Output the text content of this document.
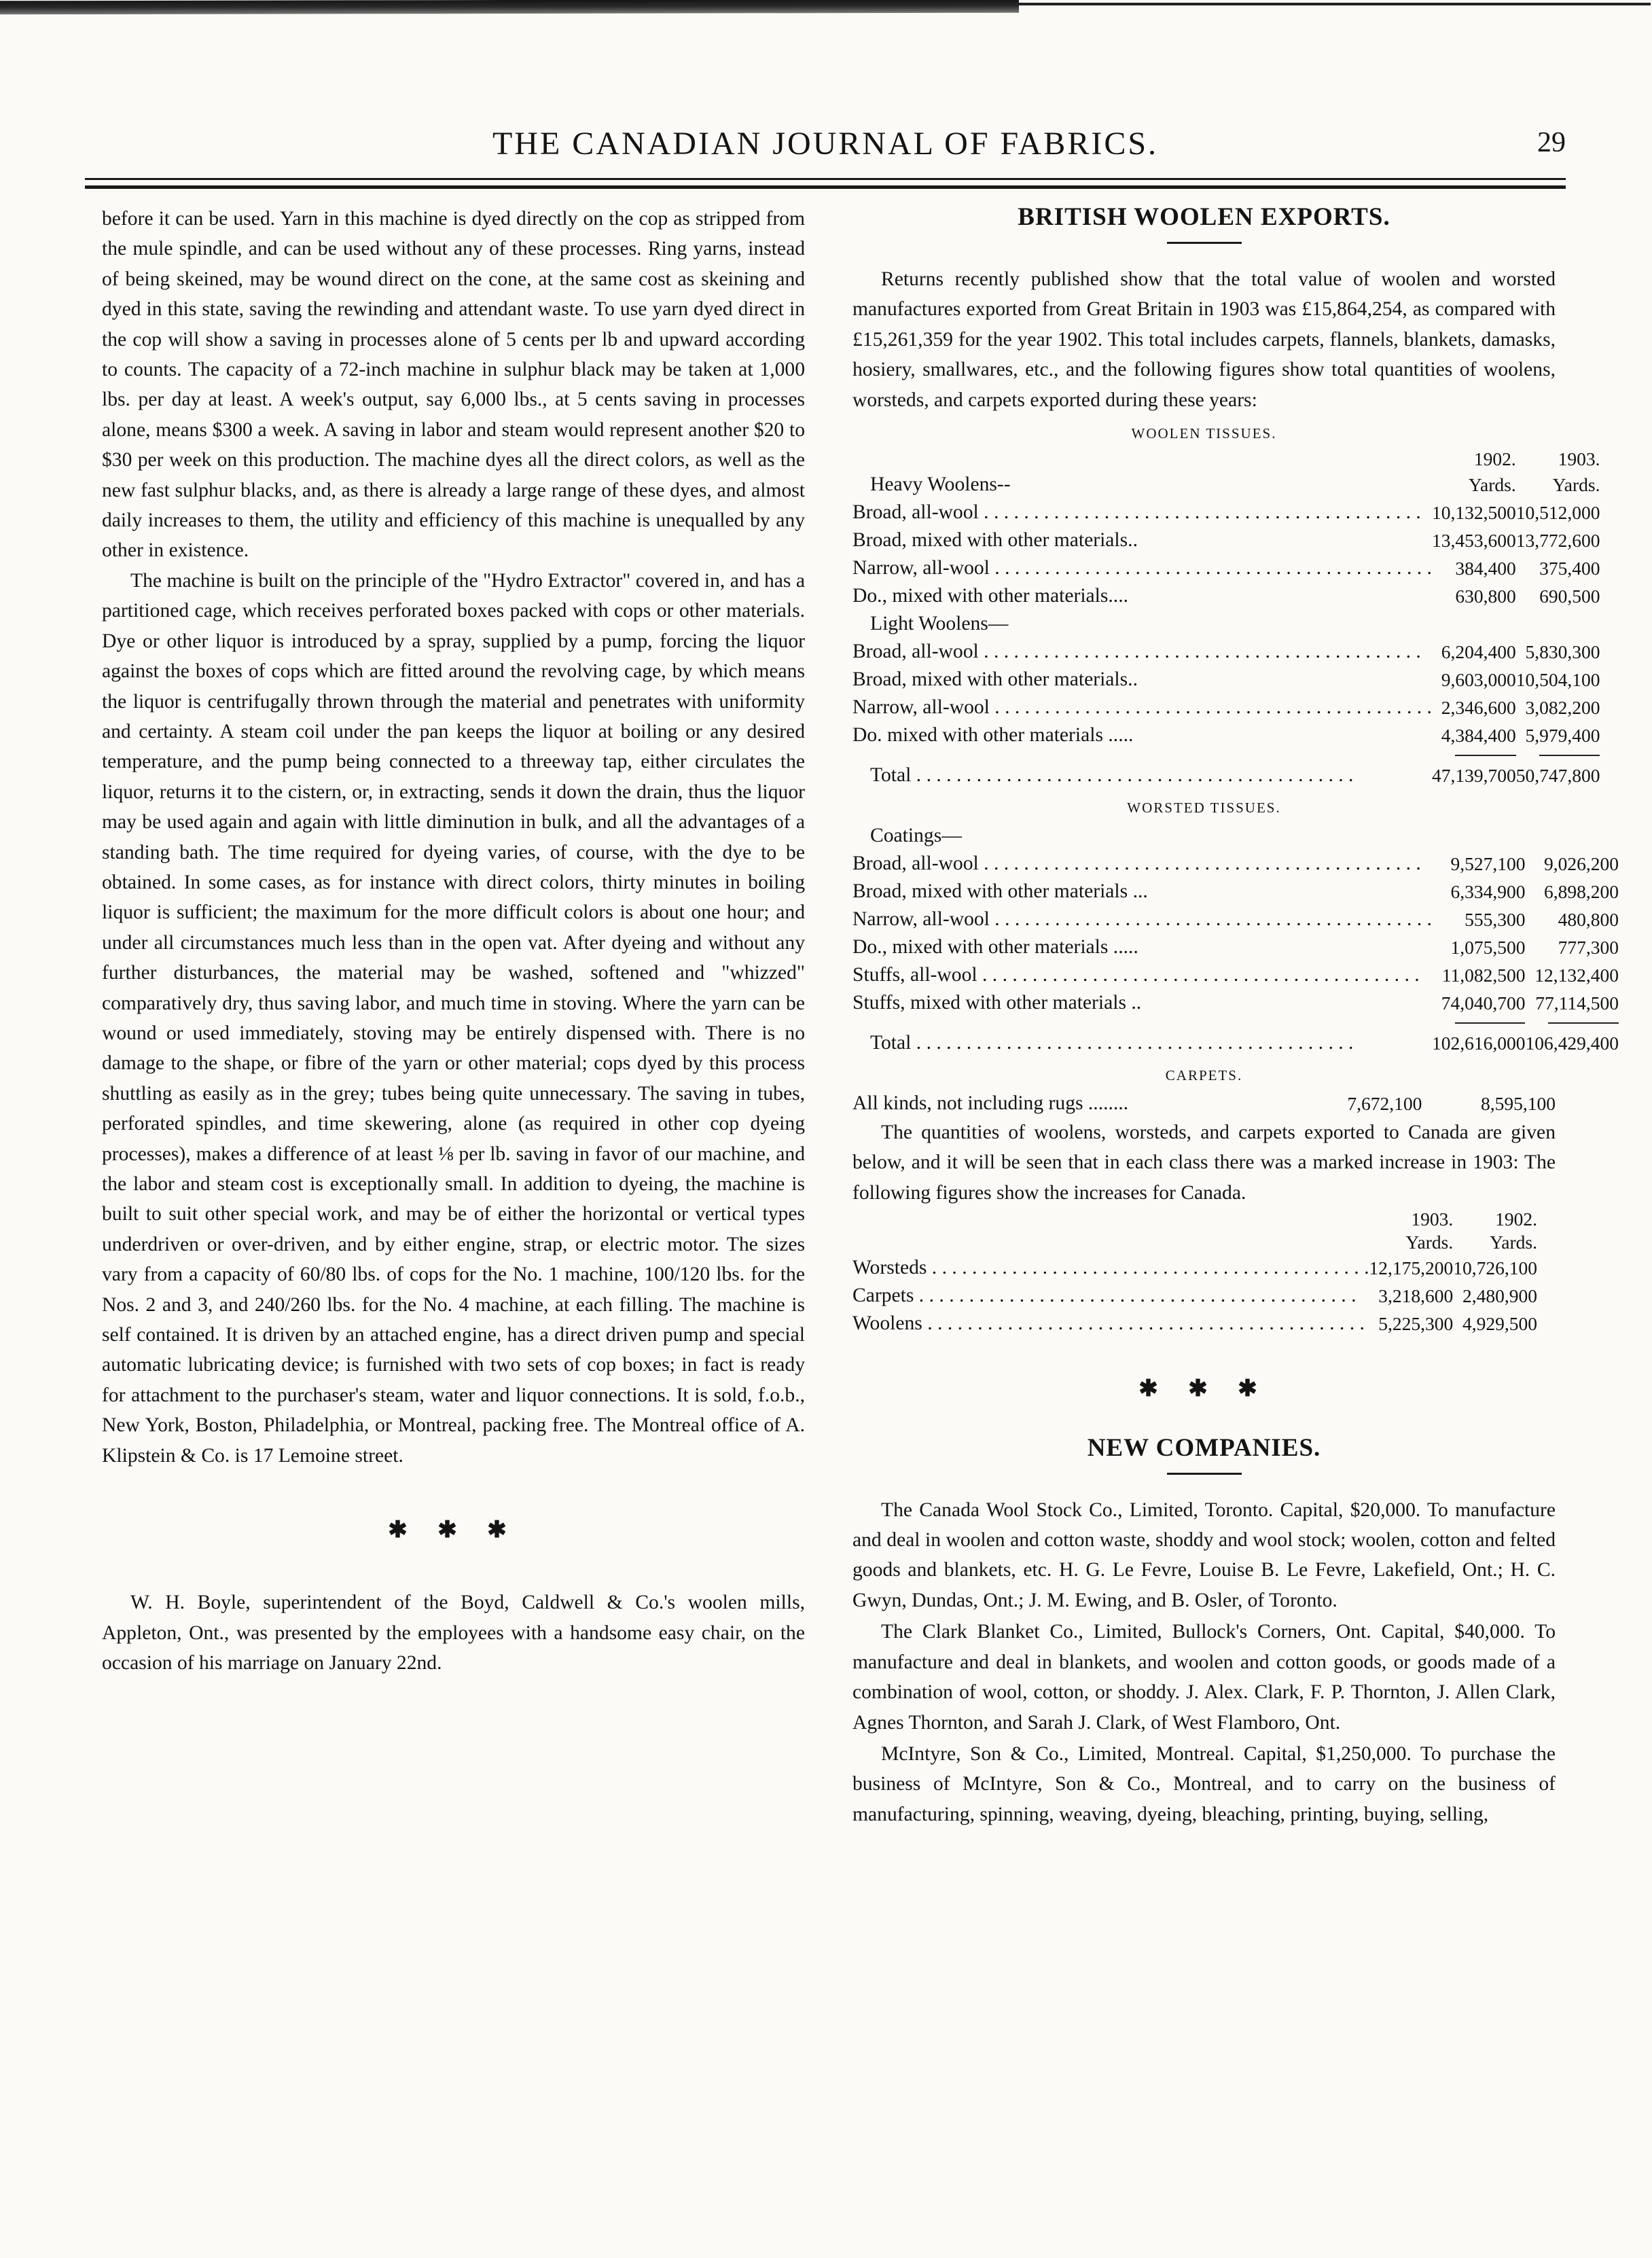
THE CANADIAN JOURNAL OF FABRICS.	29

before it can be used. Yarn in this machine is dyed directly on the cop as stripped from the mule spindle, and can be used without any of these processes. Ring yarns, instead of being skeined, may be wound direct on the cone, at the same cost as skeining and dyed in this state, saving the rewinding and attendant waste. To use yarn dyed direct in the cop will show a saving in processes alone of 5 cents per lb and upward according to counts. The capacity of a 72-inch machine in sulphur black may be taken at 1,000 lbs. per day at least. A week's output, say 6,000 lbs., at 5 cents saving in processes alone, means $300 a week. A saving in labor and steam would represent another $20 to $30 per week on this production. The machine dyes all the direct colors, as well as the new fast sulphur blacks, and, as there is already a large range of these dyes, and almost daily increases to them, the utility and efficiency of this machine is unequalled by any other in existence.

The machine is built on the principle of the "Hydro Extractor" covered in, and has a partitioned cage, which receives perforated boxes packed with cops or other materials. Dye or other liquor is introduced by a spray, supplied by a pump, forcing the liquor against the boxes of cops which are fitted around the revolving cage, by which means the liquor is centrifugally thrown through the material and penetrates with uniformity and certainty. A steam coil under the pan keeps the liquor at boiling or any desired temperature, and the pump being connected to a threeway tap, either circulates the liquor, returns it to the cistern, or, in extracting, sends it down the drain, thus the liquor may be used again and again with little diminution in bulk, and all the advantages of a standing bath. The time required for dyeing varies, of course, with the dye to be obtained. In some cases, as for instance with direct colors, thirty minutes in boiling liquor is sufficient; the maximum for the more difficult colors is about one hour; and under all circumstances much less than in the open vat. After dyeing and without any further disturbances, the material may be washed, softened and "whizzed" comparatively dry, thus saving labor, and much time in stoving. Where the yarn can be wound or used immediately, stoving may be entirely dispensed with. There is no damage to the shape, or fibre of the yarn or other material; cops dyed by this process shuttling as easily as in the grey; tubes being quite unnecessary. The saving in tubes, perforated spindles, and time skewering, alone (as required in other cop dyeing processes), makes a difference of at least ⅛ per lb. saving in favor of our machine, and the labor and steam cost is exceptionally small. In addition to dyeing, the machine is built to suit other special work, and may be of either the horizontal or vertical types underdriven or over-driven, and by either engine, strap, or electric motor. The sizes vary from a capacity of 60/80 lbs. of cops for the No. 1 machine, 100/120 lbs. for the Nos. 2 and 3, and 240/260 lbs. for the No. 4 machine, at each filling. The machine is self contained. It is driven by an attached engine, has a direct driven pump and special automatic lubricating device; is furnished with two sets of cop boxes; in fact is ready for attachment to the purchaser's steam, water and liquor connections. It is sold, f.o.b., New York, Boston, Philadelphia, or Montreal, packing free. The Montreal office of A. Klipstein & Co. is 17 Lemoine street.

✱ ✱ ✱

W. H. Boyle, superintendent of the Boyd, Caldwell & Co.'s woolen mills, Appleton, Ont., was presented by the employees with a handsome easy chair, on the occasion of his marriage on January 22nd.

BRITISH WOOLEN EXPORTS.

Returns recently published show that the total value of woolen and worsted manufactures exported from Great Britain in 1903 was £15,864,254, as compared with £15,261,359 for the year 1902. This total includes carpets, flannels, blankets, damasks, hosiery, smallwares, etc., and the following figures show total quantities of woolens, worsteds, and carpets exported during these years:

WOOLEN TISSUES.
	1902.	1903.
Heavy Woolens--	Yards.	Yards.

Broad, all-wool . . .	10,132,500	10,512,000

Broad, mixed with other materials..	13,453,600	13,772,600

Narrow, all-wool . . .	384,400	375,400

Do., mixed with other materials....	630,800	690,500
Light Woolens—		

Broad, all-wool . . .	6,204,400	5,830,300

Broad, mixed with other materials..	9,603,000	10,504,100

Narrow, all-wool . . .	2,346,600	3,082,200

Do. mixed with other materials .....	4,384,400	5,979,400

Total . . .	47,139,700	50,747,800
WORSTED TISSUES.
Coatings—		

Broad, all-wool . . .	9,527,100	9,026,200

Broad, mixed with other materials ...	6,334,900	6,898,200

Narrow, all-wool . . .	555,300	480,800

Do., mixed with other materials .....	1,075,500	777,300

Stuffs, all-wool . . .	11,082,500	12,132,400

Stuffs, mixed with other materials ..	74,040,700	77,114,500

Total . . .	102,616,000	106,429,400
CARPETS.
All kinds, not including rugs ........	7,672,100	8,595,100

The quantities of woolens, worsteds, and carpets exported to Canada are given below, and it will be seen that in each class there was a marked increase in 1903: The following figures show the increases for Canada.

	1903.	1902.
	Yards.	Yards.

Worsteds . . .	12,175,200	10,726,100

Carpets . . .	3,218,600	2,480,900

Woolens . . .	5,225,300	4,929,500
✱ ✱ ✱
NEW COMPANIES.

The Canada Wool Stock Co., Limited, Toronto. Capital, $20,000. To manufacture and deal in woolen and cotton waste, shoddy and wool stock; woolen, cotton and felted goods and blankets, etc. H. G. Le Fevre, Louise B. Le Fevre, Lakefield, Ont.; H. C. Gwyn, Dundas, Ont.; J. M. Ewing, and B. Osler, of Toronto.

The Clark Blanket Co., Limited, Bullock's Corners, Ont. Capital, $40,000. To manufacture and deal in blankets, and woolen and cotton goods, or goods made of a combination of wool, cotton, or shoddy. J. Alex. Clark, F. P. Thornton, J. Allen Clark, Agnes Thornton, and Sarah J. Clark, of West Flamboro, Ont.

McIntyre, Son & Co., Limited, Montreal. Capital, $1,250,000. To purchase the business of McIntyre, Son & Co., Montreal, and to carry on the business of manufacturing, spinning, weaving, dyeing, bleaching, printing, buying, selling,
